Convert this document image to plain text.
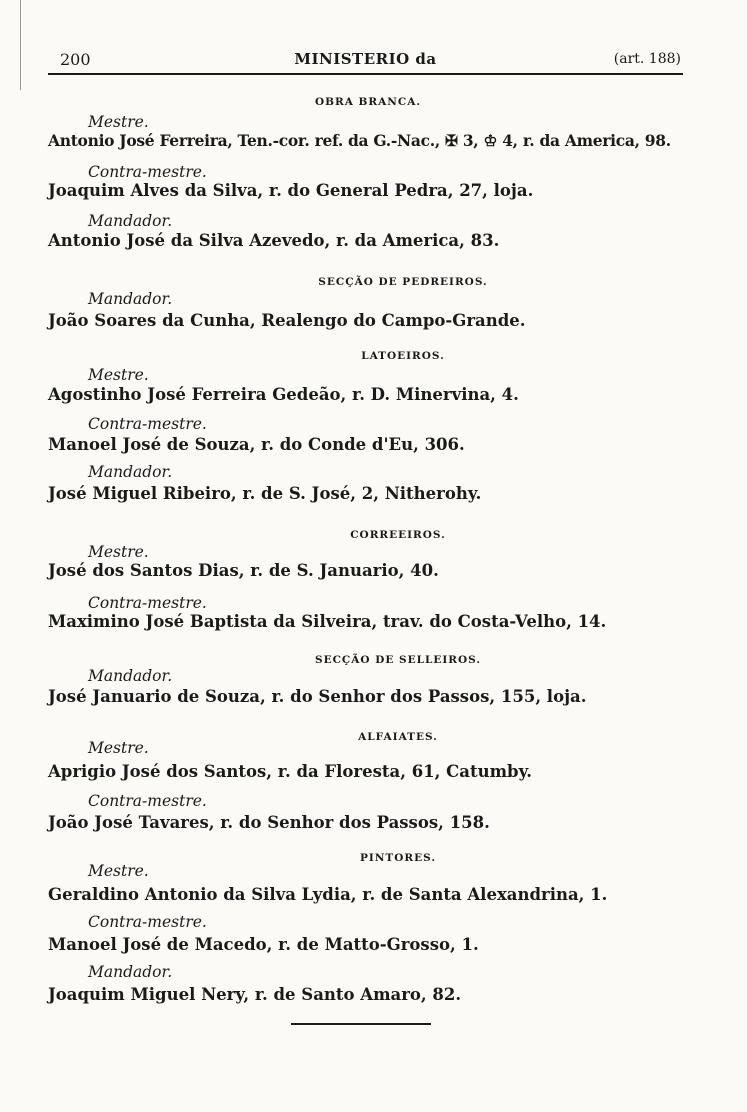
200	MINISTERIO da	(art. 188)
OBRA BRANCA.
Mestre.
Antonio José Ferreira, Ten.-cor. ref. da G.-Nac., ✠ 3, ♔ 4, r. da America, 98.
Contra-mestre.
Joaquim Alves da Silva, r. do General Pedra, 27, loja.
Mandador.
Antonio José da Silva Azevedo, r. da America, 83.
SECÇÃO DE PEDREIROS.
Mandador.
João Soares da Cunha, Realengo do Campo-Grande.
LATOEIROS.
Mestre.
Agostinho José Ferreira Gedeão, r. D. Minervina, 4.
Contra-mestre.
Manoel José de Souza, r. do Conde d'Eu, 306.
Mandador.
José Miguel Ribeiro, r. de S. José, 2, Nitherohy.
CORREEIROS.
Mestre.
José dos Santos Dias, r. de S. Januario, 40.
Contra-mestre.
Maximino José Baptista da Silveira, trav. do Costa-Velho, 14.
SECÇÃO DE SELLEIROS.
Mandador.
José Januario de Souza, r. do Senhor dos Passos, 155, loja.
ALFAIATES.
Mestre.
Aprigio José dos Santos, r. da Floresta, 61, Catumby.
Contra-mestre.
João José Tavares, r. do Senhor dos Passos, 158.
PINTORES.
Mestre.
Geraldino Antonio da Silva Lydia, r. de Santa Alexandrina, 1.
Contra-mestre.
Manoel José de Macedo, r. de Matto-Grosso, 1.
Mandador.
Joaquim Miguel Nery, r. de Santo Amaro, 82.
